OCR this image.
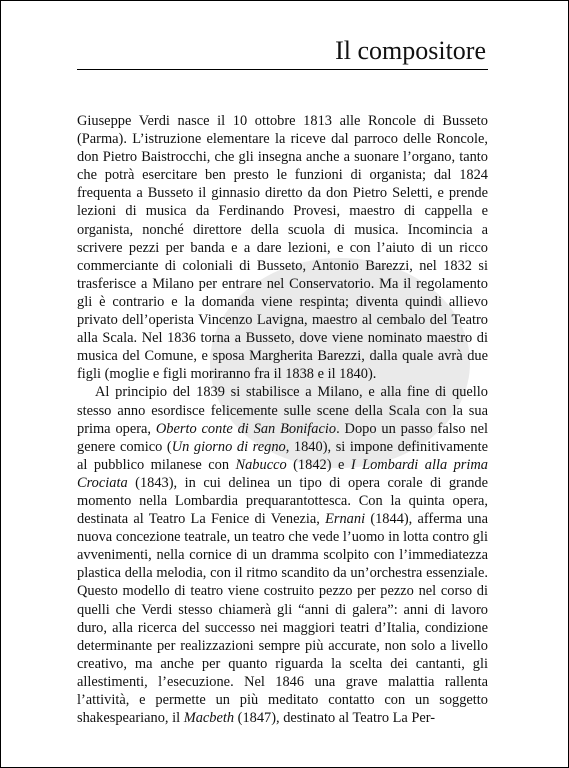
Il compositore

Giuseppe Verdi nasce il 10 ottobre 1813 alle Roncole di Busseto (Parma). L’istruzione elementare la riceve dal parroco delle Roncole, don Pietro Baistrocchi, che gli insegna anche a suonare l’organo, tanto che potrà esercitare ben presto le funzioni di organista; dal 1824 frequenta a Busseto il ginnasio diretto da don Pietro Seletti, e prende lezioni di musica da Ferdinando Provesi, maestro di cappella e organista, nonché direttore della scuola di musica. Incomincia a scrivere pezzi per banda e a dare lezioni, e con l’aiuto di un ricco commerciante di coloniali di Busseto, Antonio Barezzi, nel 1832 si trasferisce a Milano per entrare nel Conservatorio. Ma il regolamento gli è contrario e la domanda viene respinta; diventa quindi allievo privato dell’operista Vincenzo Lavigna, maestro al cembalo del Teatro alla Scala. Nel 1836 torna a Busseto, dove viene nominato maestro di musica del Comune, e sposa Margherita Barezzi, dalla quale avrà due figli (moglie e figli moriranno fra il 1838 e il 1840).

Al principio del 1839 si stabilisce a Milano, e alla fine di quello stesso anno esordisce felicemente sulle scene della Scala con la sua prima opera, Oberto conte di San Bonifacio. Dopo un passo falso nel genere comico (Un giorno di regno, 1840), si impone definitivamente al pubblico milanese con Nabucco (1842) e I Lombardi alla prima Crociata (1843), in cui delinea un tipo di opera corale di grande momento nella Lombardia prequarantottesca. Con la quinta opera, destinata al Teatro La Fenice di Venezia, Ernani (1844), afferma una nuova concezione teatrale, un teatro che vede l’uomo in lotta contro gli avvenimenti, nella cornice di un dramma scolpito con l’immediatezza plastica della melodia, con il ritmo scandito da un’orchestra essenziale. Questo modello di teatro viene costruito pezzo per pezzo nel corso di quelli che Verdi stesso chiamerà gli “anni di galera”: anni di lavoro duro, alla ricerca del successo nei maggiori teatri d’Italia, condizione determinante per realizzazioni sempre più accurate, non solo a livello creativo, ma anche per quanto riguarda la scelta dei cantanti, gli allestimenti, l’esecuzione. Nel 1846 una grave malattia rallenta l’attività, e permette un più meditato contatto con un soggetto shakespeariano, il Macbeth (1847), destinato al Teatro La Per-
